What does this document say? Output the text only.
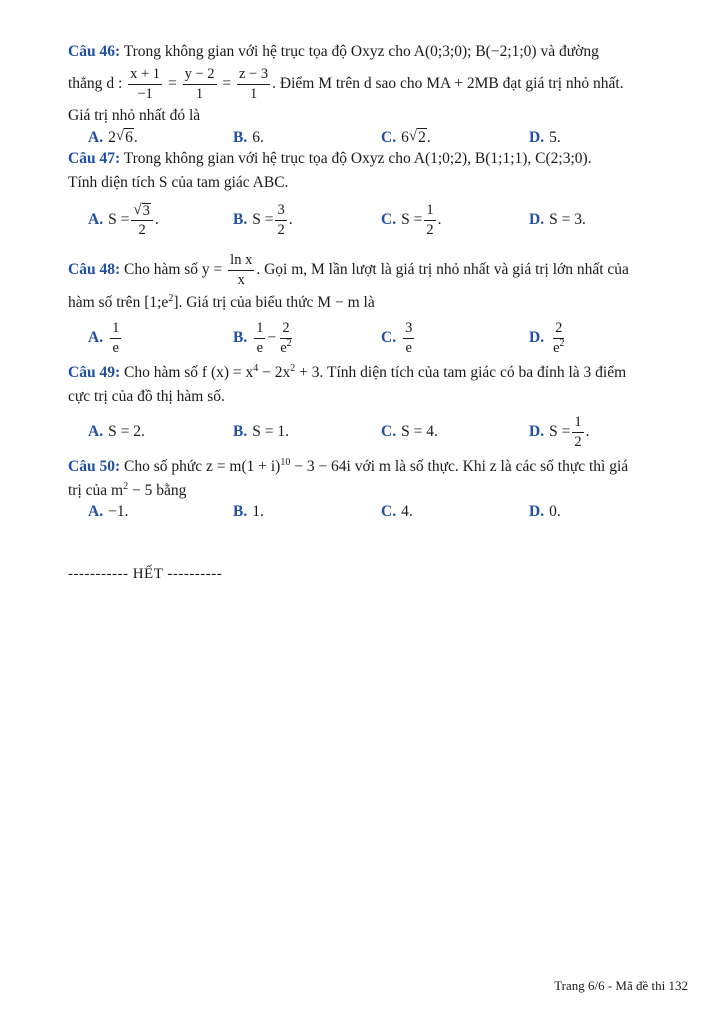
Câu 46: Trong không gian với hệ trục tọa độ Oxyz cho A(0;3;0); B(−2;1;0) và đường
thẳng d : $\frac{x + 1}{-1} = \frac{y - 2}{1} = \frac{z - 3}{1}$ . Điểm M trên d sao cho MA + 2MB đạt giá trị nhỏ nhất.
Giá trị nhỏ nhất đó là
A. 2 √ 6 .	B. 6.	C. 6 √ 2 .	D. 5.
Câu 47: Trong không gian với hệ trục tọa độ Oxyz cho A(1;0;2), B(1;1;1), C(2;3;0).
Tính diện tích S của tam giác ABC.
A. $S = \frac{√ 3}{2}$ .	B. $S = \frac{3}{2}$ .	C. $S = \frac{1}{2}$ .	D. S = 3.
Câu 48: Cho hàm số $y = \frac{\text{ln x}}{x}$ . Gọi m, M lần lượt là giá trị nhỏ nhất và giá trị lớn nhất của
hàm số trên $[1;e^2]$. Giá trị của biểu thức M − m là
A. $\frac{1}{e}$	B. $\frac{1}{e} - \frac{2}{e^2}$	C. $\frac{3}{e}$	D. $\frac{2}{e^2}$
Câu 49: Cho hàm số f $(x) = x^4 - 2x^2 + 3$. Tính diện tích của tam giác có ba đỉnh là 3 điểm
cực trị của đồ thị hàm số.
A. S = 2.	B. S = 1.	C. S = 4.	D. $S = \frac{1}{2}$ .
Câu 50: Cho số phức $z = m(1 + i)^{10} - 3 - 64i$ với m là số thực. Khi z là các số thực thì giá
trị của $m^2 - 5$ bằng
A. −1.	B. 1.	C. 4.	D. 0.
----------- HẾT ----------
Trang 6/6 - Mã đề thi 132
